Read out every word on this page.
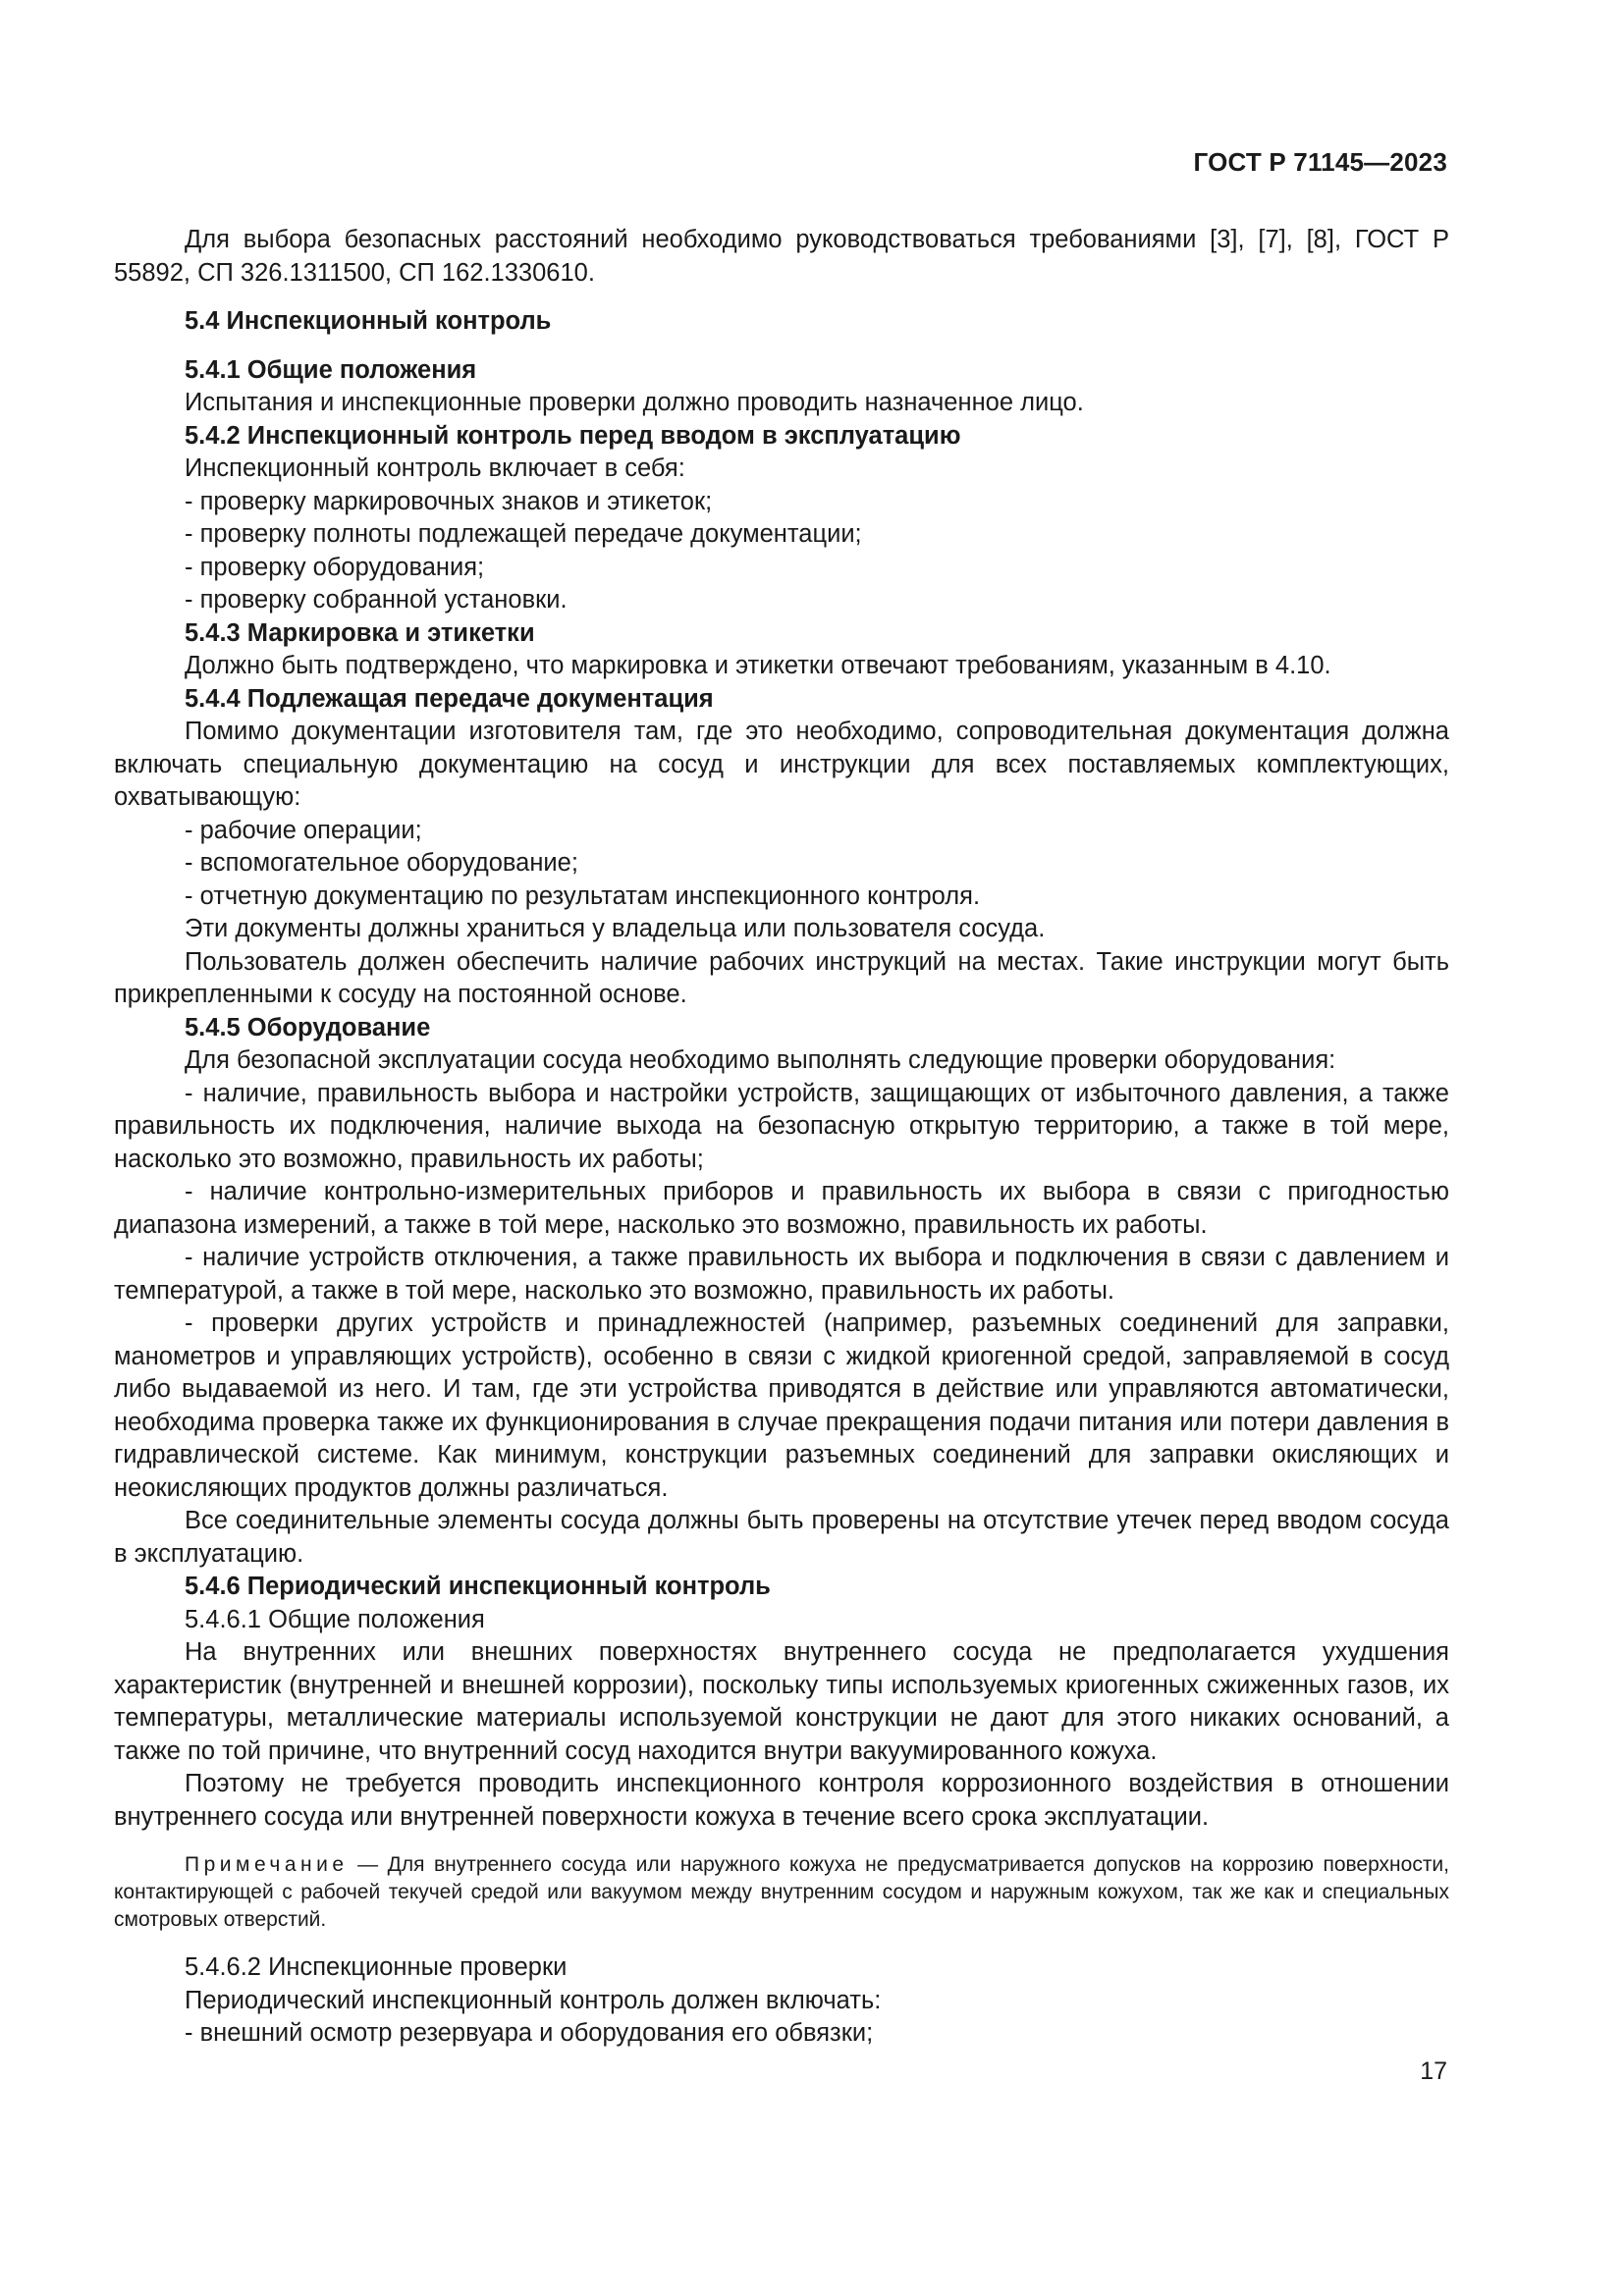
ГОСТ Р 71145—2023

Для выбора безопасных расстояний необходимо руководствоваться требованиями [3], [7], [8], ГОСТ Р 55892, СП 326.1311500, СП 162.1330610.

5.4 Инспекционный контроль

5.4.1 Общие положения

Испытания и инспекционные проверки должно проводить назначенное лицо.

5.4.2 Инспекционный контроль перед вводом в эксплуатацию

Инспекционный контроль включает в себя:

- проверку маркировочных знаков и этикеток;

- проверку полноты подлежащей передаче документации;

- проверку оборудования;

- проверку собранной установки.

5.4.3 Маркировка и этикетки

Должно быть подтверждено, что маркировка и этикетки отвечают требованиям, указанным в 4.10.

5.4.4 Подлежащая передаче документация

Помимо документации изготовителя там, где это необходимо, сопроводительная документация должна включать специальную документацию на сосуд и инструкции для всех поставляемых комплектующих, охватывающую:

- рабочие операции;

- вспомогательное оборудование;

- отчетную документацию по результатам инспекционного контроля.

Эти документы должны храниться у владельца или пользователя сосуда.

Пользователь должен обеспечить наличие рабочих инструкций на местах. Такие инструкции могут быть прикрепленными к сосуду на постоянной основе.

5.4.5 Оборудование

Для безопасной эксплуатации сосуда необходимо выполнять следующие проверки оборудования:

- наличие, правильность выбора и настройки устройств, защищающих от избыточного давления, а также правильность их подключения, наличие выхода на безопасную открытую территорию, а также в той мере, насколько это возможно, правильность их работы;

- наличие контрольно-измерительных приборов и правильность их выбора в связи с пригодностью диапазона измерений, а также в той мере, насколько это возможно, правильность их работы.

- наличие устройств отключения, а также правильность их выбора и подключения в связи с давлением и температурой, а также в той мере, насколько это возможно, правильность их работы.

- проверки других устройств и принадлежностей (например, разъемных соединений для заправки, манометров и управляющих устройств), особенно в связи с жидкой криогенной средой, заправляемой в сосуд либо выдаваемой из него. И там, где эти устройства приводятся в действие или управляются автоматически, необходима проверка также их функционирования в случае прекращения подачи питания или потери давления в гидравлической системе. Как минимум, конструкции разъемных соединений для заправки окисляющих и неокисляющих продуктов должны различаться.

Все соединительные элементы сосуда должны быть проверены на отсутствие утечек перед вводом сосуда в эксплуатацию.

5.4.6 Периодический инспекционный контроль

5.4.6.1 Общие положения

На внутренних или внешних поверхностях внутреннего сосуда не предполагается ухудшения характеристик (внутренней и внешней коррозии), поскольку типы используемых криогенных сжиженных газов, их температуры, металлические материалы используемой конструкции не дают для этого никаких оснований, а также по той причине, что внутренний сосуд находится внутри вакуумированного кожуха.

Поэтому не требуется проводить инспекционного контроля коррозионного воздействия в отношении внутреннего сосуда или внутренней поверхности кожуха в течение всего срока эксплуатации.

Примечание — Для внутреннего сосуда или наружного кожуха не предусматривается допусков на коррозию поверхности, контактирующей с рабочей текучей средой или вакуумом между внутренним сосудом и наружным кожухом, так же как и специальных смотровых отверстий.

5.4.6.2 Инспекционные проверки

Периодический инспекционный контроль должен включать:

- внешний осмотр резервуара и оборудования его обвязки;

17
